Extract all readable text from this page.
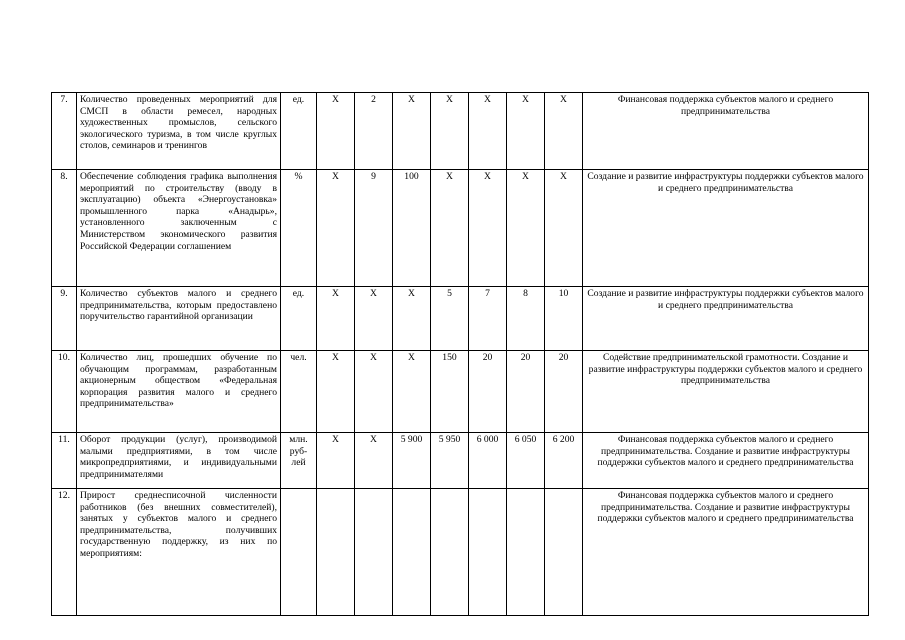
7.	Количество проведенных мероприятий для СМСП в области ремесел, народных художественных промыслов, сельского экологического туризма, в том числе круглых столов, семинаров и тренингов	ед.	Х	2	Х	Х	Х	Х	Х	Финансовая поддержка субъектов малого и среднего предпринимательства
8.	Обеспечение соблюдения графика выполнения мероприятий по строительству (вводу в эксплуатацию) объекта «Энергоустановка» промышленного парка «Анадырь», установленного заключенным с Министерством экономического развития Российской Федерации соглашением	%	Х	9	100	Х	Х	Х	Х	Создание и развитие инфраструктуры поддержки субъектов малого и среднего предпринимательства
9.	Количество субъектов малого и среднего предпринимательства, которым предоставлено поручительство гарантийной организации	ед.	Х	Х	Х	5	7	8	10	Создание и развитие инфраструктуры поддержки субъектов малого и среднего предпринимательства
10.	Количество лиц, прошедших обучение по обучающим программам, разработанным акционерным обществом «Федеральная корпорация развития малого и среднего предпринимательства»	чел.	Х	Х	Х	150	20	20	20	Содействие предпринимательской грамотности. Создание и развитие инфраструктуры поддержки субъектов малого и среднего предпринимательства
11.	Оборот продукции (услуг), производимой малыми предприятиями, в том числе микропредприятиями, и индивидуальными предпринимателями	млн. руб-лей	Х	Х	5 900	5 950	6 000	6 050	6 200	Финансовая поддержка субъектов малого и среднего предпринимательства. Создание и развитие инфраструктуры поддержки субъектов малого и среднего предпринимательства
12.	Прирост среднесписочной численности работников (без внешних совместителей), занятых у субъектов малого и среднего предпринимательства, получивших государственную поддержку, из них по мероприятиям:									Финансовая поддержка субъектов малого и среднего предпринимательства. Создание и развитие инфраструктуры поддержки субъектов малого и среднего предпринимательства
